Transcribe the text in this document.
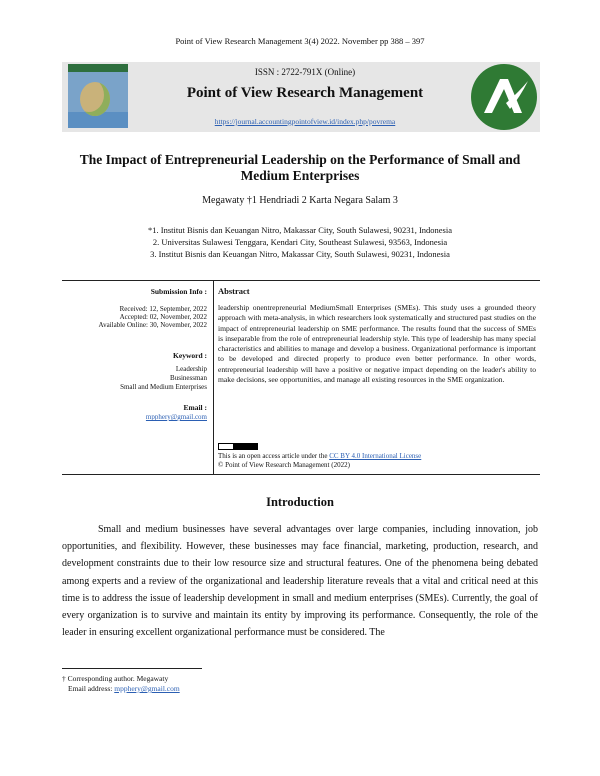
Point of View Research Management 3(4) 2022. November pp 388 – 397
ISSN : 2722-791X (Online)
Point of View Research Management
https://journal.accountingpointofview.id/index.php/povrema
The Impact of Entrepreneurial Leadership on the Performance of Small and Medium Enterprises
Megawaty †1 Hendriadi 2 Karta Negara Salam 3
*1. Institut Bisnis dan Keuangan Nitro, Makassar City, South Sulawesi, 90231, Indonesia
2. Universitas Sulawesi Tenggara, Kendari City, Southeast Sulawesi, 93563, Indonesia
3. Institut Bisnis dan Keuangan Nitro, Makassar City, South Sulawesi, 90231, Indonesia
Submission Info :
Received: 12, September, 2022
Accepted: 02, November, 2022
Available Online: 30, November, 2022
Keyword :
Leadership
Businessman
Small and Medium Enterprises
Email :
mpphery@gmail.com
Abstract
leadership onentrepreneurial MediumSmall Enterprises (SMEs). This study uses a grounded theory approach with meta-analysis, in which researchers look systematically and structured past studies on the impact of entrepreneurial leadership on SME performance. The results found that the success of SMEs is inseparable from the role of entrepreneurial leadership style. This type of leadership has many special characteristics and abilities to manage and develop a business. Organizational performance is important to be developed and directed properly to produce even better performance. In other words, entrepreneurial leadership will have a positive or negative impact depending on the leader's ability to make decisions, see opportunities, and manage all existing resources in the SME organization.
This is an open access article under the CC BY 4.0 International License
© Point of View Research Management (2022)
Introduction
Small and medium businesses have several advantages over large companies, including innovation, job opportunities, and flexibility. However, these businesses may face financial, marketing, production, research, and development constraints due to their low resource size and structural features. One of the phenomena being debated among experts and a review of the organizational and leadership literature reveals that a vital and critical need at this time is to address the issue of leadership development in small and medium enterprises (SMEs). Currently, the goal of every organization is to survive and maintain its entity by improving its performance. Consequently, the role of the leader in ensuring excellent organizational performance must be considered. The
† Corresponding author. Megawaty
Email address: mpphery@gmail.com
